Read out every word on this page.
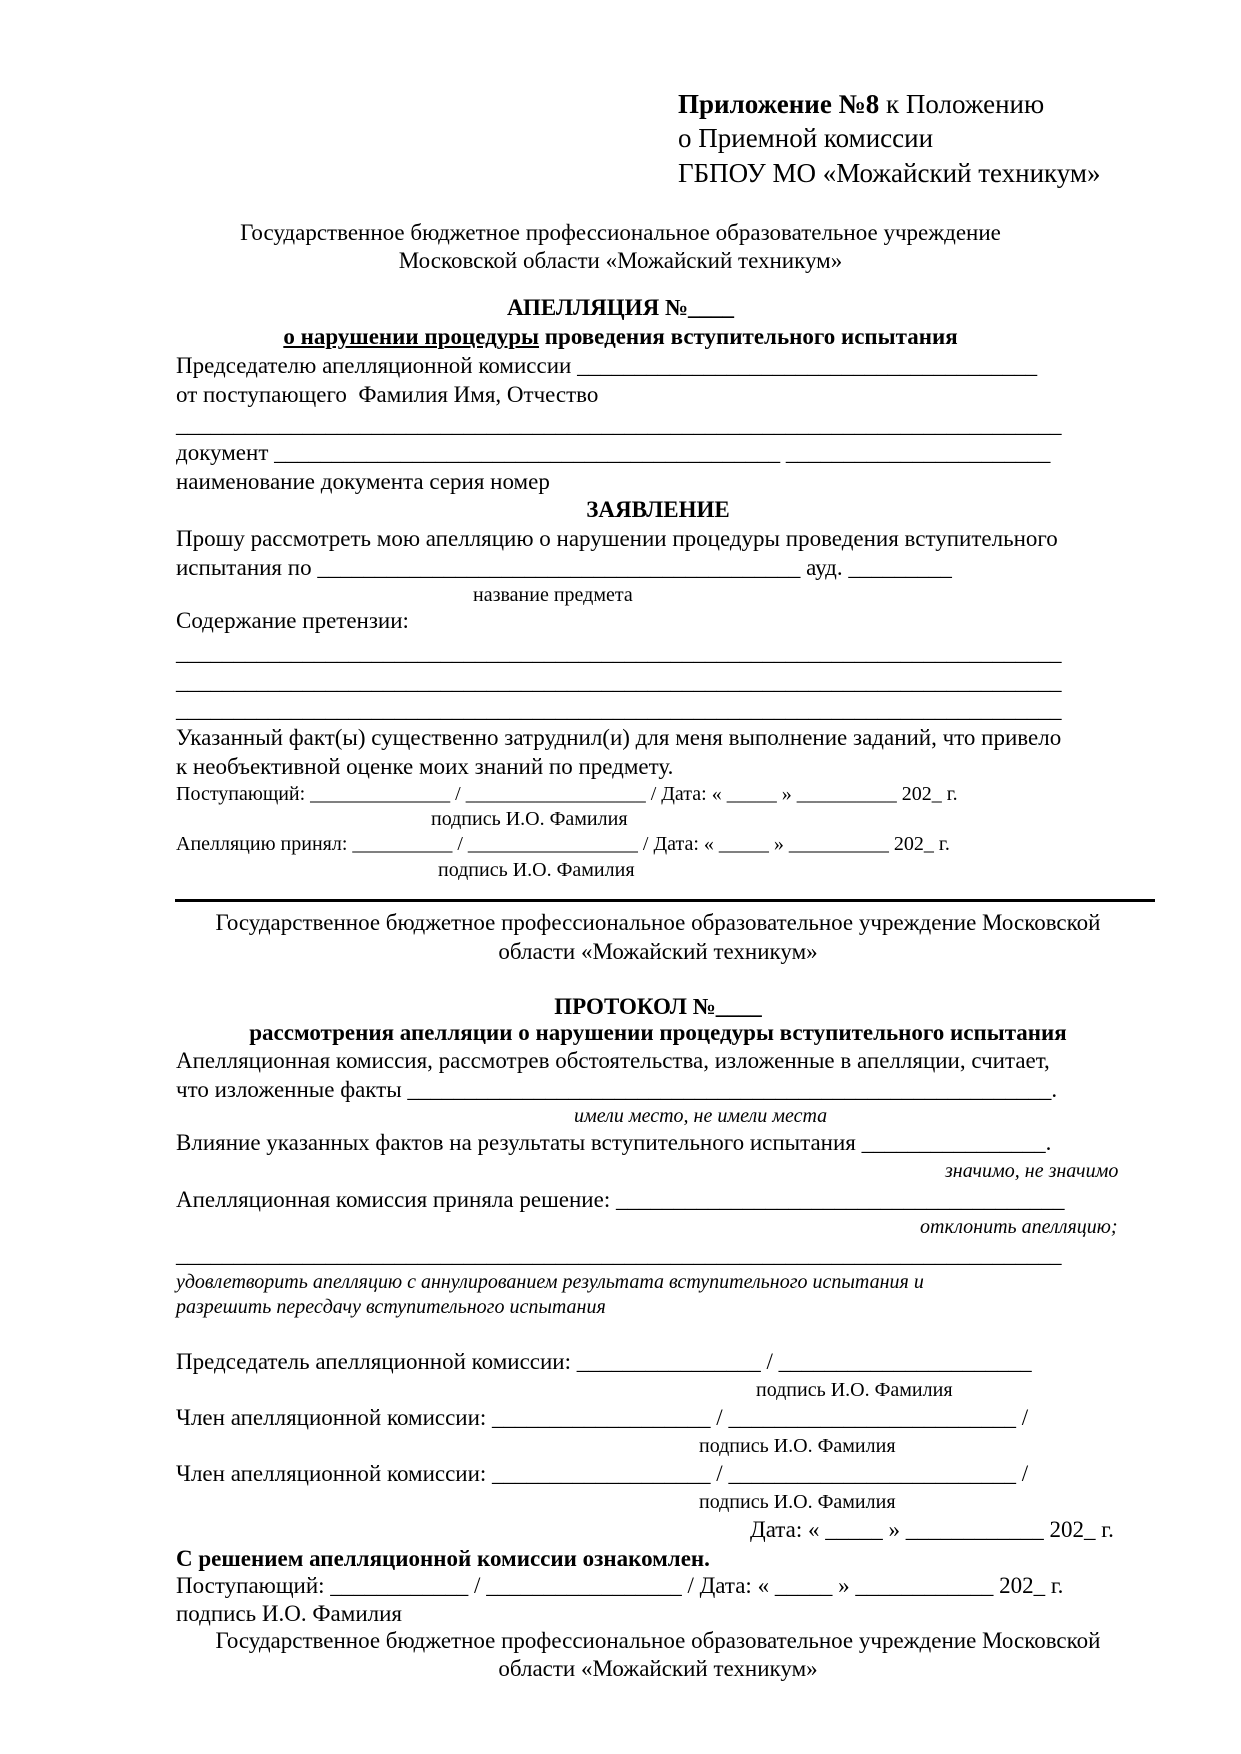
Приложение №8 к Положению
о Приемной комиссии
ГБПОУ МО «Можайский техникум»
Государственное бюджетное профессиональное образовательное учреждение
Московской области «Можайский техникум»
АПЕЛЛЯЦИЯ №____
о нарушении процедуры проведения вступительного испытания
Председателю апелляционной комиссии ________________________________________
от поступающего  Фамилия Имя, Отчество
_____________________________________________________________________________
документ ____________________________________________ _______________________
наименование документа серия номер
ЗАЯВЛЕНИЕ
Прошу рассмотреть мою апелляцию о нарушении процедуры проведения вступительного
испытания по __________________________________________ ауд. _________
название предмета
Содержание претензии:
_____________________________________________________________________________
_____________________________________________________________________________
_____________________________________________________________________________
Указанный факт(ы) существенно затруднил(и) для меня выполнение заданий, что привело
к необъективной оценке моих знаний по предмету.
Поступающий: ______________ / __________________ / Дата: « _____ » __________ 202_ г.
подпись И.О. Фамилия
Апелляцию принял: __________ / _________________ / Дата: « _____ » __________ 202_ г.
подпись И.О. Фамилия
Государственное бюджетное профессиональное образовательное учреждение Московской
области «Можайский техникум»
ПРОТОКОЛ №____
рассмотрения апелляции о нарушении процедуры вступительного испытания
Апелляционная комиссия, рассмотрев обстоятельства, изложенные в апелляции, считает,
что изложенные факты ________________________________________________________.
имели место, не имели места
Влияние указанных фактов на результаты вступительного испытания ________________.
значимо, не значимо
Апелляционная комиссия приняла решение: _______________________________________
отклонить апелляцию;
_____________________________________________________________________________
удовлетворить апелляцию с аннулированием результата вступительного испытания и
разрешить пересдачу вступительного испытания
Председатель апелляционной комиссии: ________________ / ______________________
подпись И.О. Фамилия
Член апелляционной комиссии: ___________________ / _________________________ /
подпись И.О. Фамилия
Член апелляционной комиссии: ___________________ / _________________________ /
подпись И.О. Фамилия
Дата: « _____ » ____________ 202_ г.
С решением апелляционной комиссии ознакомлен.
Поступающий: ____________ / _________________ / Дата: « _____ » ____________ 202_ г.
подпись И.О. Фамилия
Государственное бюджетное профессиональное образовательное учреждение Московской
области «Можайский техникум»
